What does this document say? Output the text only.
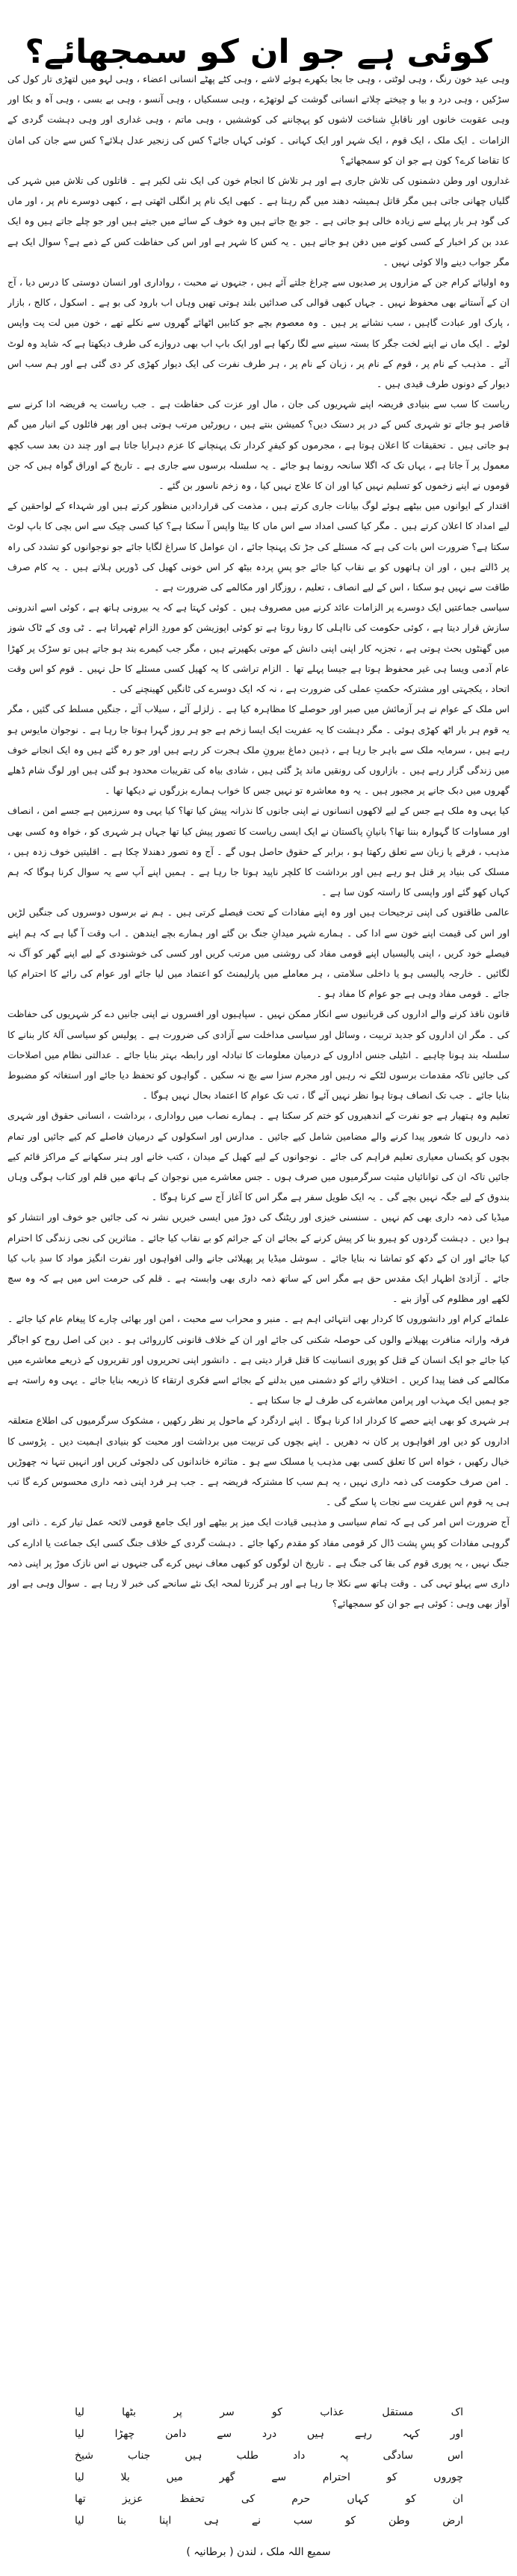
کوئی ہے جو ان کو سمجھائے؟

وہی عید خون رنگ ، وہی لوٹتی ، وہی جا بجا بکھرے ہوئے لاشے ، وہی کٹے پھٹے انسانی اعضاء ، وہی لہو میں لتھڑی تار کول کی سڑکیں ، وہی درد و بیا و چیختے چلاتے انسانی گوشت کے لوتھڑے ، وہی سسکیاں ، وہی آنسو ، وہی بے بسی ، وہی آہ و بکا اور وہی عقوبت خانوں اور ناقابلِ شناخت لاشوں کو پہچاننے کی کوششیں ، وہی ماتم ، وہی غداری اور وہی دہشت گردی کے الزامات ۔ ایک ملک ، ایک قوم ، ایک شہر اور ایک کہانی ۔ کوئی کہاں جائے؟ کس کی زنجیر عدل ہلائے؟ کس سے جان کی امان کا تقاضا کرے؟ کون ہے جو ان کو سمجھائے؟

غداروں اور وطن دشمنوں کی تلاش جاری ہے اور ہر تلاش کا انجام خون کی ایک نئی لکیر ہے ۔ قاتلوں کی تلاش میں شہر کی گلیاں چھانی جاتی ہیں مگر قاتل ہمیشہ دھند میں گم رہتا ہے ۔ کبھی ایک نام پر انگلی اٹھتی ہے ، کبھی دوسرے نام پر ، اور ماں کی گود ہر بار پہلے سے زیادہ خالی ہو جاتی ہے ۔ جو بچ جاتے ہیں وہ خوف کے سائے میں جیتے ہیں اور جو چلے جاتے ہیں وہ ایک عدد بن کر اخبار کے کسی کونے میں دفن ہو جاتے ہیں ۔ یہ کس کا شہر ہے اور اس کی حفاظت کس کے ذمے ہے؟ سوال ایک ہے مگر جواب دینے والا کوئی نہیں ۔

وہ اولیائے کرام جن کے مزاروں پر صدیوں سے چراغ جلتے آئے ہیں ، جنہوں نے محبت ، رواداری اور انسان دوستی کا درس دیا ، آج ان کے آستانے بھی محفوظ نہیں ۔ جہاں کبھی قوالی کی صدائیں بلند ہوتی تھیں وہاں اب بارود کی بو ہے ۔ اسکول ، کالج ، بازار ، پارک اور عبادت گاہیں ، سب نشانے پر ہیں ۔ وہ معصوم بچے جو کتابیں اٹھائے گھروں سے نکلے تھے ، خون میں لت پت واپس لوٹے ۔ ایک ماں نے اپنے لخت جگر کا بستہ سینے سے لگا رکھا ہے اور ایک باپ اب بھی دروازے کی طرف دیکھتا ہے کہ شاید وہ لوٹ آئے ۔ مذہب کے نام پر ، قوم کے نام پر ، زبان کے نام پر ، ہر طرف نفرت کی ایک دیوار کھڑی کر دی گئی ہے اور ہم سب اس دیوار کے دونوں طرف قیدی ہیں ۔

ریاست کا سب سے بنیادی فریضہ اپنے شہریوں کی جان ، مال اور عزت کی حفاظت ہے ۔ جب ریاست یہ فریضہ ادا کرنے سے قاصر ہو جائے تو شہری کس کے در پر دستک دیں؟ کمیشن بنتے ہیں ، رپورٹیں مرتب ہوتی ہیں اور پھر فائلوں کے انبار میں گم ہو جاتی ہیں ۔ تحقیقات کا اعلان ہوتا ہے ، مجرموں کو کیفرِ کردار تک پہنچانے کا عزم دہرایا جاتا ہے اور چند دن بعد سب کچھ معمول پر آ جاتا ہے ، یہاں تک کہ اگلا سانحہ رونما ہو جائے ۔ یہ سلسلہ برسوں سے جاری ہے ۔ تاریخ کے اوراق گواہ ہیں کہ جن قوموں نے اپنے زخموں کو تسلیم نہیں کیا اور ان کا علاج نہیں کیا ، وہ زخم ناسور بن گئے ۔

اقتدار کے ایوانوں میں بیٹھے ہوئے لوگ بیانات جاری کرتے ہیں ، مذمت کی قراردادیں منظور کرتے ہیں اور شہداء کے لواحقین کے لیے امداد کا اعلان کرتے ہیں ۔ مگر کیا کسی امداد سے اس ماں کا بیٹا واپس آ سکتا ہے؟ کیا کسی چیک سے اس بچی کا باپ لوٹ سکتا ہے؟ ضرورت اس بات کی ہے کہ مسئلے کی جڑ تک پہنچا جائے ، ان عوامل کا سراغ لگایا جائے جو نوجوانوں کو تشدد کی راہ پر ڈالتے ہیں ، اور ان ہاتھوں کو بے نقاب کیا جائے جو پسِ پردہ بیٹھ کر اس خونی کھیل کی ڈوریں ہلاتے ہیں ۔ یہ کام صرف طاقت سے نہیں ہو سکتا ، اس کے لیے انصاف ، تعلیم ، روزگار اور مکالمے کی ضرورت ہے ۔

سیاسی جماعتیں ایک دوسرے پر الزامات عائد کرنے میں مصروف ہیں ۔ کوئی کہتا ہے کہ یہ بیرونی ہاتھ ہے ، کوئی اسے اندرونی سازش قرار دیتا ہے ، کوئی حکومت کی نااہلی کا رونا روتا ہے تو کوئی اپوزیشن کو موردِ الزام ٹھہراتا ہے ۔ ٹی وی کے ٹاک شوز میں گھنٹوں بحث ہوتی ہے ، تجزیہ کار اپنی اپنی دانش کے موتی بکھیرتے ہیں ، مگر جب کیمرے بند ہو جاتے ہیں تو سڑک پر کھڑا عام آدمی ویسا ہی غیر محفوظ ہوتا ہے جیسا پہلے تھا ۔ الزام تراشی کا یہ کھیل کسی مسئلے کا حل نہیں ۔ قوم کو اس وقت اتحاد ، یکجہتی اور مشترکہ حکمتِ عملی کی ضرورت ہے ، نہ کہ ایک دوسرے کی ٹانگیں کھینچنے کی ۔

اس ملک کے عوام نے ہر آزمائش میں صبر اور حوصلے کا مظاہرہ کیا ہے ۔ زلزلے آئے ، سیلاب آئے ، جنگیں مسلط کی گئیں ، مگر یہ قوم ہر بار اٹھ کھڑی ہوئی ۔ مگر دہشت کا یہ عفریت ایک ایسا زخم ہے جو ہر روز گہرا ہوتا جا رہا ہے ۔ نوجوان مایوس ہو رہے ہیں ، سرمایہ ملک سے باہر جا رہا ہے ، ذہین دماغ بیرونِ ملک ہجرت کر رہے ہیں اور جو رہ گئے ہیں وہ ایک انجانے خوف میں زندگی گزار رہے ہیں ۔ بازاروں کی رونقیں ماند پڑ گئی ہیں ، شادی بیاہ کی تقریبات محدود ہو گئی ہیں اور لوگ شام ڈھلے گھروں میں دبک جانے پر مجبور ہیں ۔ یہ وہ معاشرہ تو نہیں جس کا خواب ہمارے بزرگوں نے دیکھا تھا ۔

کیا یہی وہ ملک ہے جس کے لیے لاکھوں انسانوں نے اپنی جانوں کا نذرانہ پیش کیا تھا؟ کیا یہی وہ سرزمین ہے جسے امن ، انصاف اور مساوات کا گہوارہ بننا تھا؟ بانیانِ پاکستان نے ایک ایسی ریاست کا تصور پیش کیا تھا جہاں ہر شہری کو ، خواہ وہ کسی بھی مذہب ، فرقے یا زبان سے تعلق رکھتا ہو ، برابر کے حقوق حاصل ہوں گے ۔ آج وہ تصور دھندلا چکا ہے ۔ اقلیتیں خوف زدہ ہیں ، مسلک کی بنیاد پر قتل ہو رہے ہیں اور برداشت کا کلچر ناپید ہوتا جا رہا ہے ۔ ہمیں اپنے آپ سے یہ سوال کرنا ہوگا کہ ہم کہاں کھو گئے اور واپسی کا راستہ کون سا ہے ۔

عالمی طاقتوں کی اپنی ترجیحات ہیں اور وہ اپنے مفادات کے تحت فیصلے کرتی ہیں ۔ ہم نے برسوں دوسروں کی جنگیں لڑیں اور اس کی قیمت اپنے خون سے ادا کی ۔ ہمارے شہر میدانِ جنگ بن گئے اور ہمارے بچے ایندھن ۔ اب وقت آ گیا ہے کہ ہم اپنے فیصلے خود کریں ، اپنی پالیسیاں اپنے قومی مفاد کی روشنی میں مرتب کریں اور کسی کی خوشنودی کے لیے اپنے گھر کو آگ نہ لگائیں ۔ خارجہ پالیسی ہو یا داخلی سلامتی ، ہر معاملے میں پارلیمنٹ کو اعتماد میں لیا جائے اور عوام کی رائے کا احترام کیا جائے ۔ قومی مفاد وہی ہے جو عوام کا مفاد ہو ۔

قانون نافذ کرنے والے اداروں کی قربانیوں سے انکار ممکن نہیں ۔ سپاہیوں اور افسروں نے اپنی جانیں دے کر شہریوں کی حفاظت کی ۔ مگر ان اداروں کو جدید تربیت ، وسائل اور سیاسی مداخلت سے آزادی کی ضرورت ہے ۔ پولیس کو سیاسی آلۂ کار بنانے کا سلسلہ بند ہونا چاہیے ۔ انٹیلی جنس اداروں کے درمیان معلومات کا تبادلہ اور رابطہ بہتر بنایا جائے ۔ عدالتی نظام میں اصلاحات کی جائیں تاکہ مقدمات برسوں لٹکے نہ رہیں اور مجرم سزا سے بچ نہ سکیں ۔ گواہوں کو تحفظ دیا جائے اور استغاثہ کو مضبوط بنایا جائے ۔ جب تک انصاف ہوتا ہوا نظر نہیں آئے گا ، تب تک عوام کا اعتماد بحال نہیں ہوگا ۔

تعلیم وہ ہتھیار ہے جو نفرت کے اندھیروں کو ختم کر سکتا ہے ۔ ہمارے نصاب میں رواداری ، برداشت ، انسانی حقوق اور شہری ذمہ داریوں کا شعور پیدا کرنے والے مضامین شامل کیے جائیں ۔ مدارس اور اسکولوں کے درمیان فاصلے کم کیے جائیں اور تمام بچوں کو یکساں معیاری تعلیم فراہم کی جائے ۔ نوجوانوں کے لیے کھیل کے میدان ، کتب خانے اور ہنر سکھانے کے مراکز قائم کیے جائیں تاکہ ان کی توانائیاں مثبت سرگرمیوں میں صرف ہوں ۔ جس معاشرے میں نوجوان کے ہاتھ میں قلم اور کتاب ہوگی وہاں بندوق کے لیے جگہ نہیں بچے گی ۔ یہ ایک طویل سفر ہے مگر اس کا آغاز آج سے کرنا ہوگا ۔

میڈیا کی ذمہ داری بھی کم نہیں ۔ سنسنی خیزی اور ریٹنگ کی دوڑ میں ایسی خبریں نشر نہ کی جائیں جو خوف اور انتشار کو ہوا دیں ۔ دہشت گردوں کو ہیرو بنا کر پیش کرنے کے بجائے ان کے جرائم کو بے نقاب کیا جائے ۔ متاثرین کی نجی زندگی کا احترام کیا جائے اور ان کے دکھ کو تماشا نہ بنایا جائے ۔ سوشل میڈیا پر پھیلائی جانے والی افواہوں اور نفرت انگیز مواد کا سدِ باب کیا جائے ۔ آزادیٔ اظہار ایک مقدس حق ہے مگر اس کے ساتھ ذمہ داری بھی وابستہ ہے ۔ قلم کی حرمت اس میں ہے کہ وہ سچ لکھے اور مظلوم کی آواز بنے ۔

علمائے کرام اور دانشوروں کا کردار بھی انتہائی اہم ہے ۔ منبر و محراب سے محبت ، امن اور بھائی چارے کا پیغام عام کیا جائے ۔ فرقہ وارانہ منافرت پھیلانے والوں کی حوصلہ شکنی کی جائے اور ان کے خلاف قانونی کارروائی ہو ۔ دین کی اصل روح کو اجاگر کیا جائے جو ایک انسان کے قتل کو پوری انسانیت کا قتل قرار دیتی ہے ۔ دانشور اپنی تحریروں اور تقریروں کے ذریعے معاشرے میں مکالمے کی فضا پیدا کریں ۔ اختلافِ رائے کو دشمنی میں بدلنے کے بجائے اسے فکری ارتقاء کا ذریعہ بنایا جائے ۔ یہی وہ راستہ ہے جو ہمیں ایک مہذب اور پرامن معاشرے کی طرف لے جا سکتا ہے ۔

ہر شہری کو بھی اپنے حصے کا کردار ادا کرنا ہوگا ۔ اپنے اردگرد کے ماحول پر نظر رکھیں ، مشکوک سرگرمیوں کی اطلاع متعلقہ اداروں کو دیں اور افواہوں پر کان نہ دھریں ۔ اپنے بچوں کی تربیت میں برداشت اور محبت کو بنیادی اہمیت دیں ۔ پڑوسی کا خیال رکھیں ، خواہ اس کا تعلق کسی بھی مذہب یا مسلک سے ہو ۔ متاثرہ خاندانوں کی دلجوئی کریں اور انہیں تنہا نہ چھوڑیں ۔ امن صرف حکومت کی ذمہ داری نہیں ، یہ ہم سب کا مشترکہ فریضہ ہے ۔ جب ہر فرد اپنی ذمہ داری محسوس کرے گا تب ہی یہ قوم اس عفریت سے نجات پا سکے گی ۔

آج ضرورت اس امر کی ہے کہ تمام سیاسی و مذہبی قیادت ایک میز پر بیٹھے اور ایک جامع قومی لائحہ عمل تیار کرے ۔ ذاتی اور گروہی مفادات کو پسِ پشت ڈال کر قومی مفاد کو مقدم رکھا جائے ۔ دہشت گردی کے خلاف جنگ کسی ایک جماعت یا ادارے کی جنگ نہیں ، یہ پوری قوم کی بقا کی جنگ ہے ۔ تاریخ ان لوگوں کو کبھی معاف نہیں کرے گی جنہوں نے اس نازک موڑ پر اپنی ذمہ داری سے پہلو تہی کی ۔ وقت ہاتھ سے نکلا جا رہا ہے اور ہر گزرتا لمحہ ایک نئے سانحے کی خبر لا رہا ہے ۔ سوال وہی ہے اور آواز بھی وہی : کوئی ہے جو ان کو سمجھائے؟

اک
مستقل
عذاب
کو
سر
پر
بٹھا
لیا
اور
کہہ
رہے
ہیں
درد
سے
دامن
چھڑا
لیا
اس
سادگی
پہ
داد
طلب
ہیں
جناب
شیخ
چوروں
کو
احترام
سے
گھر
میں
بلا
لیا
ان
کو
کہاں
حرم
کی
تحفظ
عزیز
تھا
ارض
وطن
کو
سب
نے
ہی
اپنا
بنا
لیا
سمیع اللہ ملک ، لندن ( برطانیہ )
